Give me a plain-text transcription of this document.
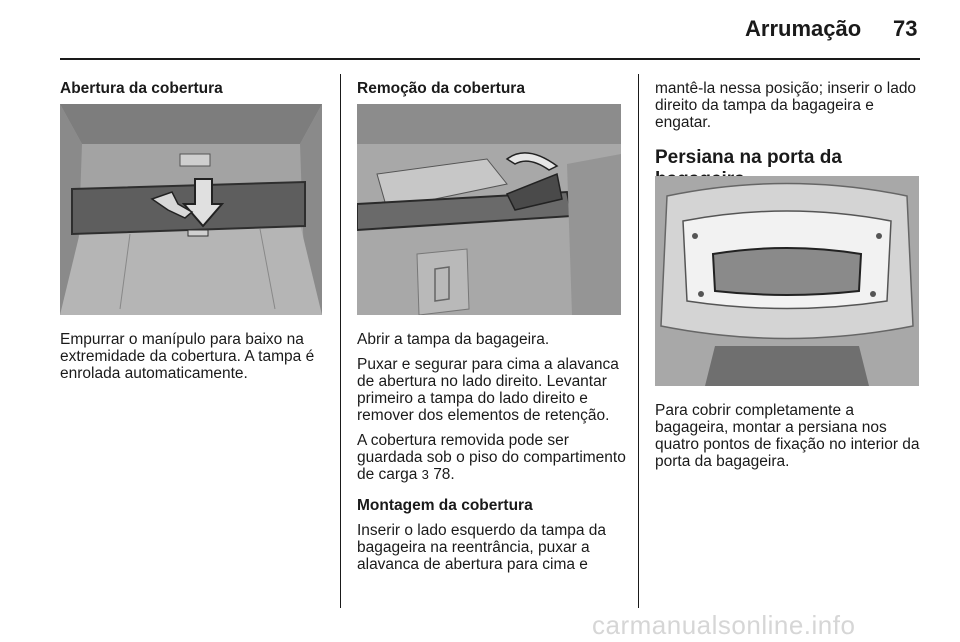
Arrumação 73

Abertura da cobertura

Empurrar o manípulo para baixo na extremidade da cobertura. A tampa é enrolada automaticamente.

Remoção da cobertura

Abrir a tampa da bagageira.

Puxar e segurar para cima a alavanca de abertura no lado direito. Levantar primeiro a tampa do lado direito e remover dos elementos de retenção.

A cobertura removida pode ser guardada sob o piso do compartimento de carga 3 78.

Montagem da cobertura

Inserir o lado esquerdo da tampa da bagageira na reentrância, puxar a alavanca de abertura para cima e

mantê-la nessa posição; inserir o lado direito da tampa da bagageira e engatar.

Persiana na porta da

Para cobrir completamente a bagageira, montar a persiana nos quatro pontos de fixação no interior da porta da bagageira.

carmanualsonline.info
